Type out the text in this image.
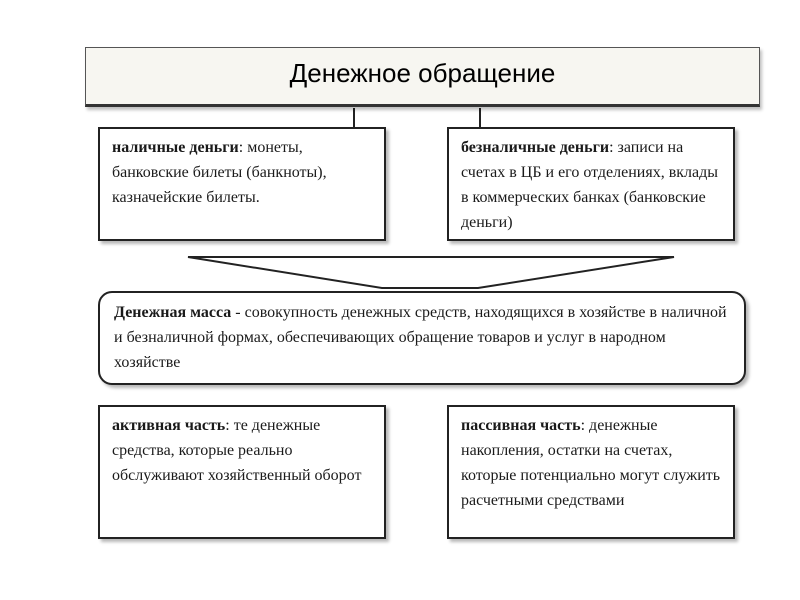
Денежное обращение
наличные деньги: монеты, банковские билеты (банкноты), казначейские билеты.
безналичные деньги: записи на счетах в ЦБ и его отделениях, вклады в коммерческих банках (банковские деньги)
Денежная масса - совокупность денежных средств, находящихся в хозяйстве в наличной и безналичной формах, обеспечивающих обращение товаров и услуг в народном хозяйстве
активная часть: те денежные средства, которые реально обслуживают хозяйственный оборот
пассивная часть: денежные накопления, остатки на счетах, которые потенциально могут служить расчетными средствами
